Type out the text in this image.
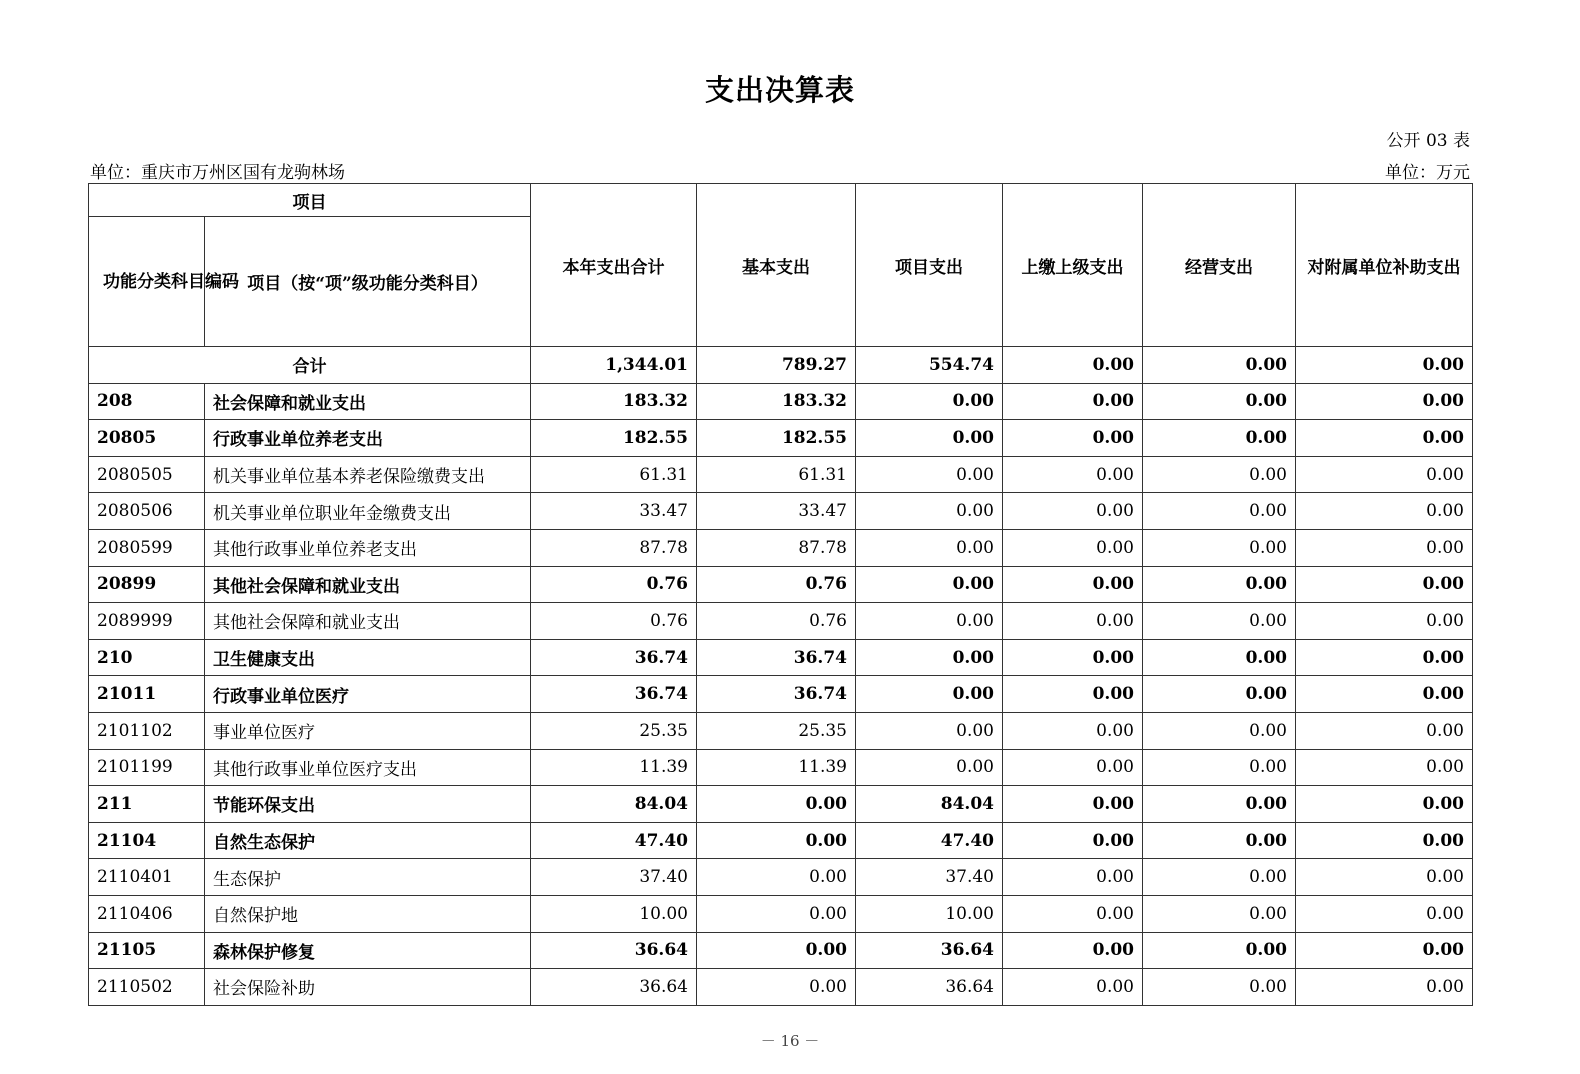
支出决算表
公开 03 表
单位：重庆市万州区国有龙驹林场	单位：万元
项目		本年支出合计	基本支出	项目支出	上缴上级支出	经营支出	对附属单位补助支出
功能分类科目编码	项目（按“项”级功能分类科目）						
合计		1,344.01	789.27	554.74	0.00	0.00	0.00
208	社会保障和就业支出	183.32	183.32	0.00	0.00	0.00	0.00
20805	行政事业单位养老支出	182.55	182.55	0.00	0.00	0.00	0.00
2080505	机关事业单位基本养老保险缴费支出	61.31	61.31	0.00	0.00	0.00	0.00
2080506	机关事业单位职业年金缴费支出	33.47	33.47	0.00	0.00	0.00	0.00
2080599	其他行政事业单位养老支出	87.78	87.78	0.00	0.00	0.00	0.00
20899	其他社会保障和就业支出	0.76	0.76	0.00	0.00	0.00	0.00
2089999	其他社会保障和就业支出	0.76	0.76	0.00	0.00	0.00	0.00
210	卫生健康支出	36.74	36.74	0.00	0.00	0.00	0.00
21011	行政事业单位医疗	36.74	36.74	0.00	0.00	0.00	0.00
2101102	事业单位医疗	25.35	25.35	0.00	0.00	0.00	0.00
2101199	其他行政事业单位医疗支出	11.39	11.39	0.00	0.00	0.00	0.00
211	节能环保支出	84.04	0.00	84.04	0.00	0.00	0.00
21104	自然生态保护	47.40	0.00	47.40	0.00	0.00	0.00
2110401	生态保护	37.40	0.00	37.40	0.00	0.00	0.00
2110406	自然保护地	10.00	0.00	10.00	0.00	0.00	0.00
21105	森林保护修复	36.64	0.00	36.64	0.00	0.00	0.00
2110502	社会保险补助	36.64	0.00	36.64	0.00	0.00	0.00
－ 16 －
